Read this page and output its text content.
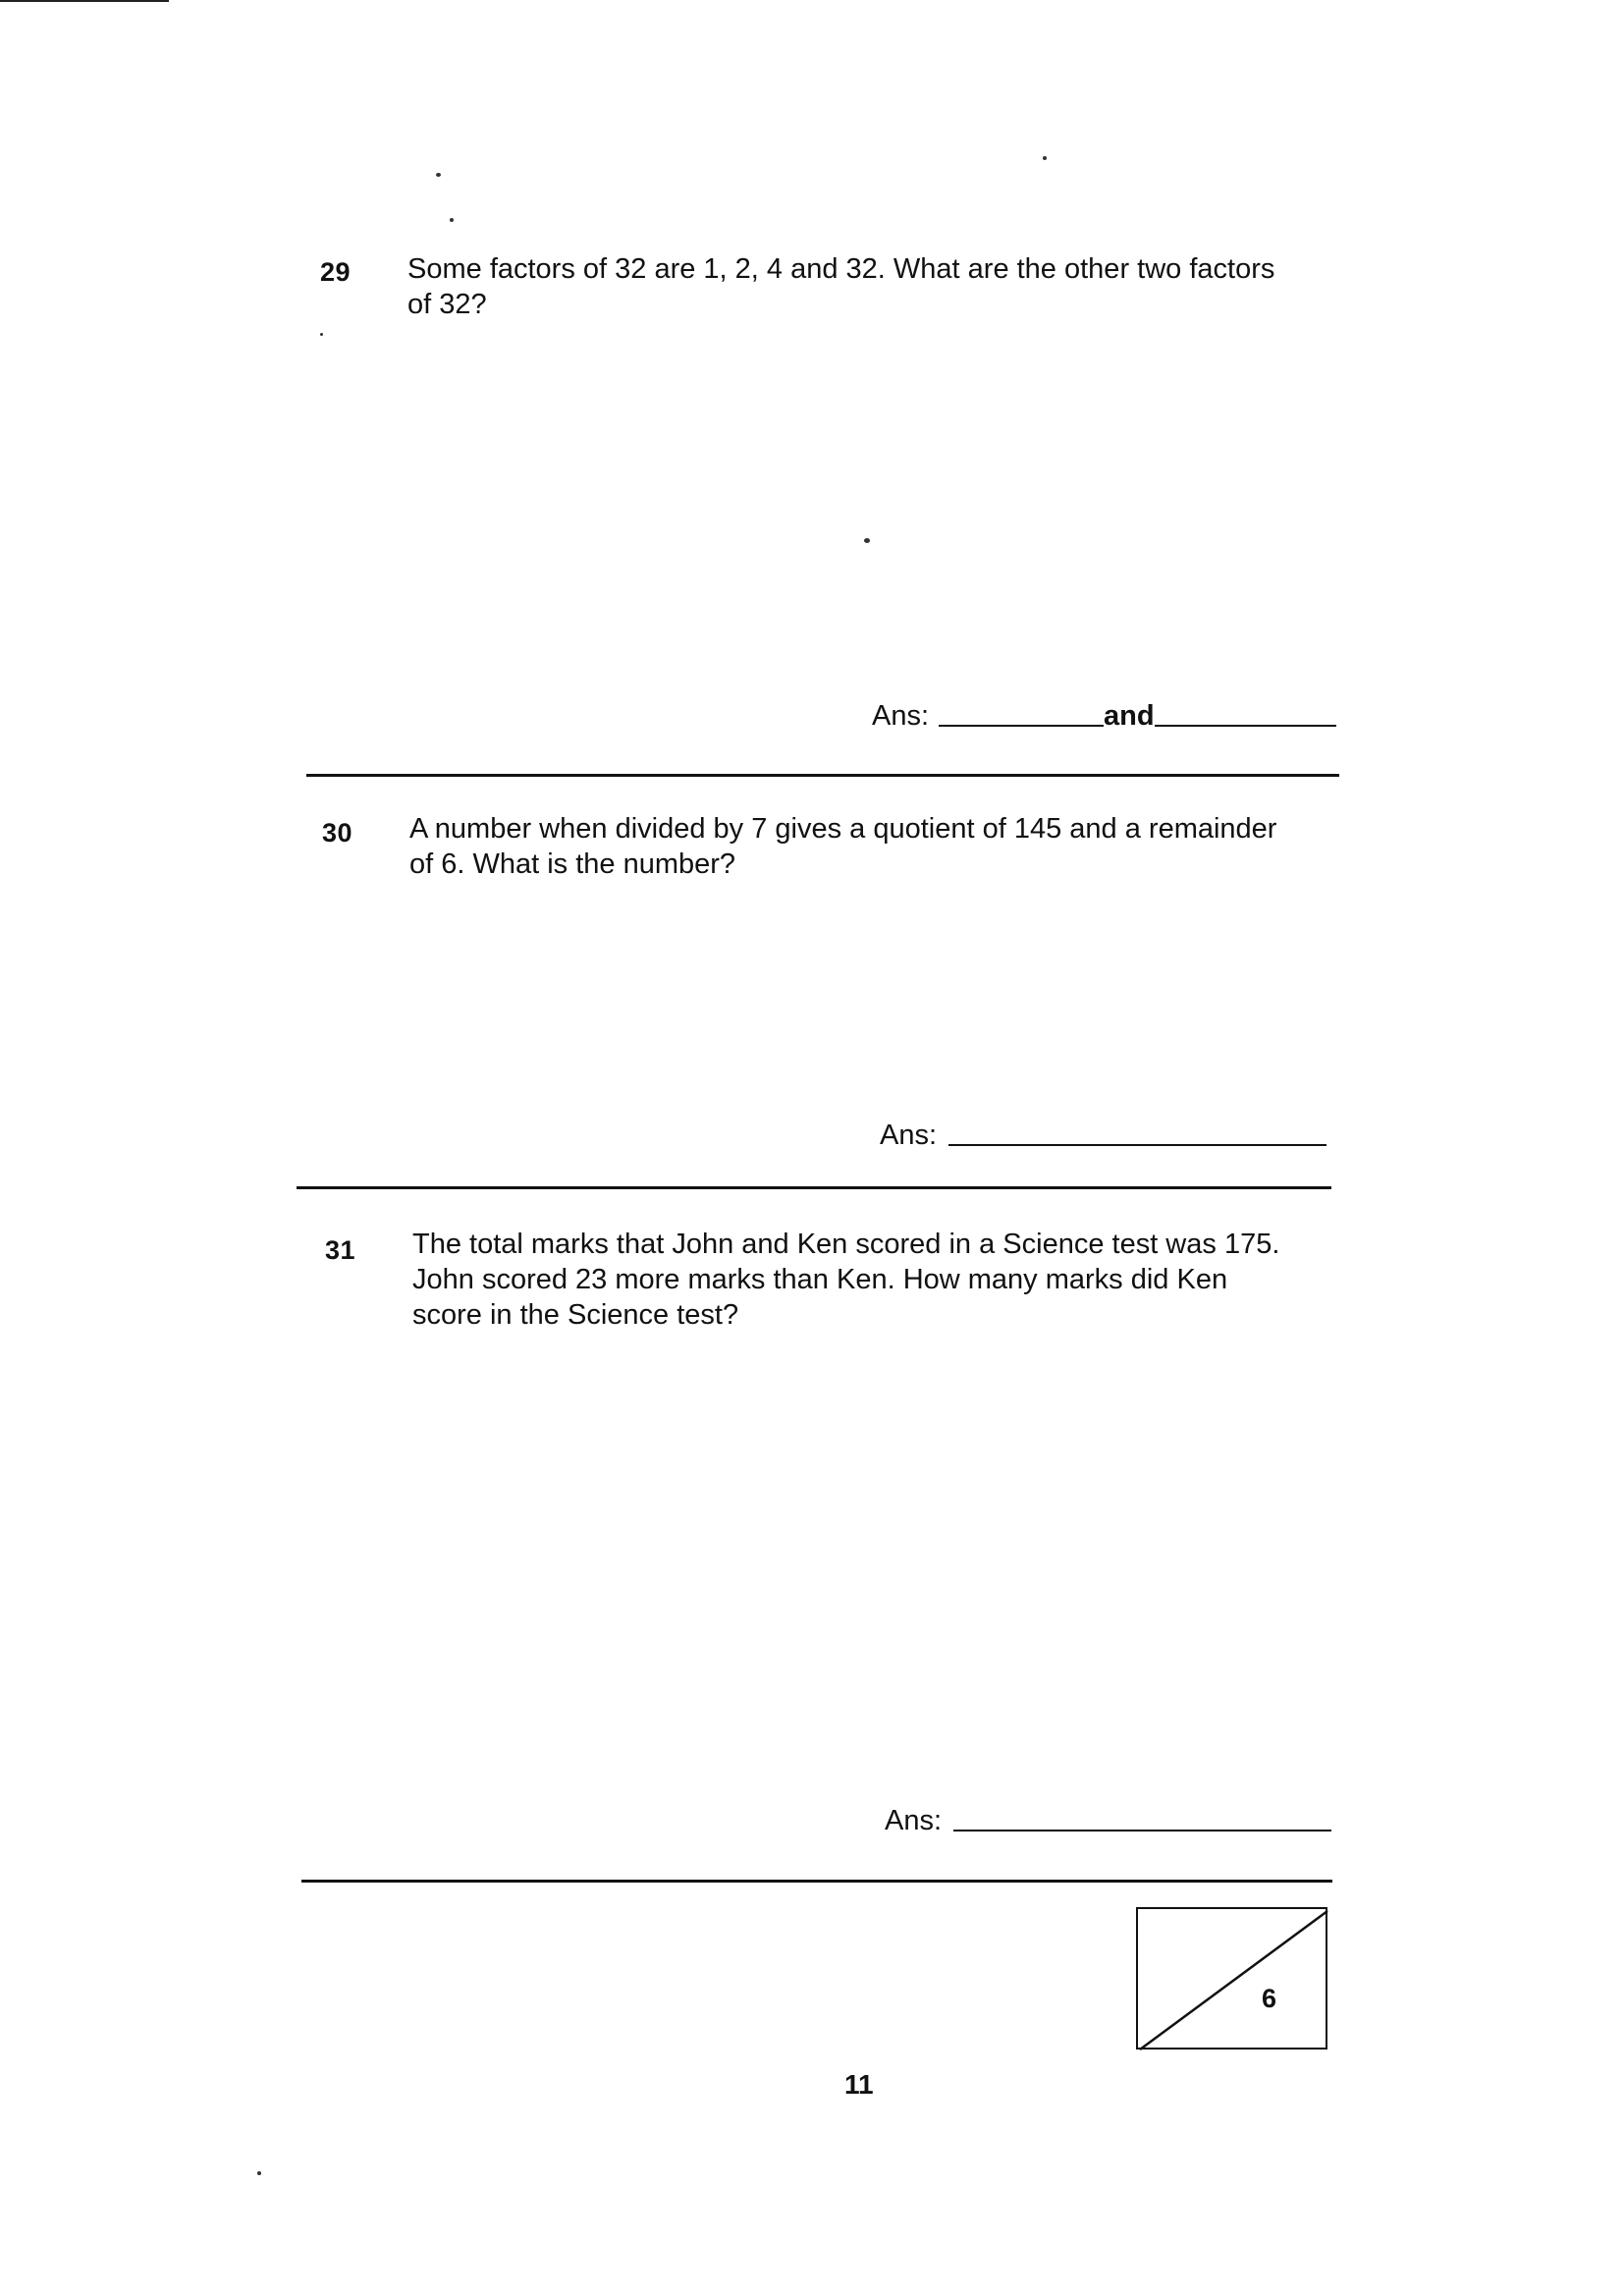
29 Some factors of 32 are 1, 2, 4 and 32. What are the other two factors
of 32?
Ans:	and
30 A number when divided by 7 gives a quotient of 145 and a remainder
of 6. What is the number?
Ans:
31 The total marks that John and Ken scored in a Science test was 175.
John scored 23 more marks than Ken. How many marks did Ken
score in the Science test?
Ans:
6
11
